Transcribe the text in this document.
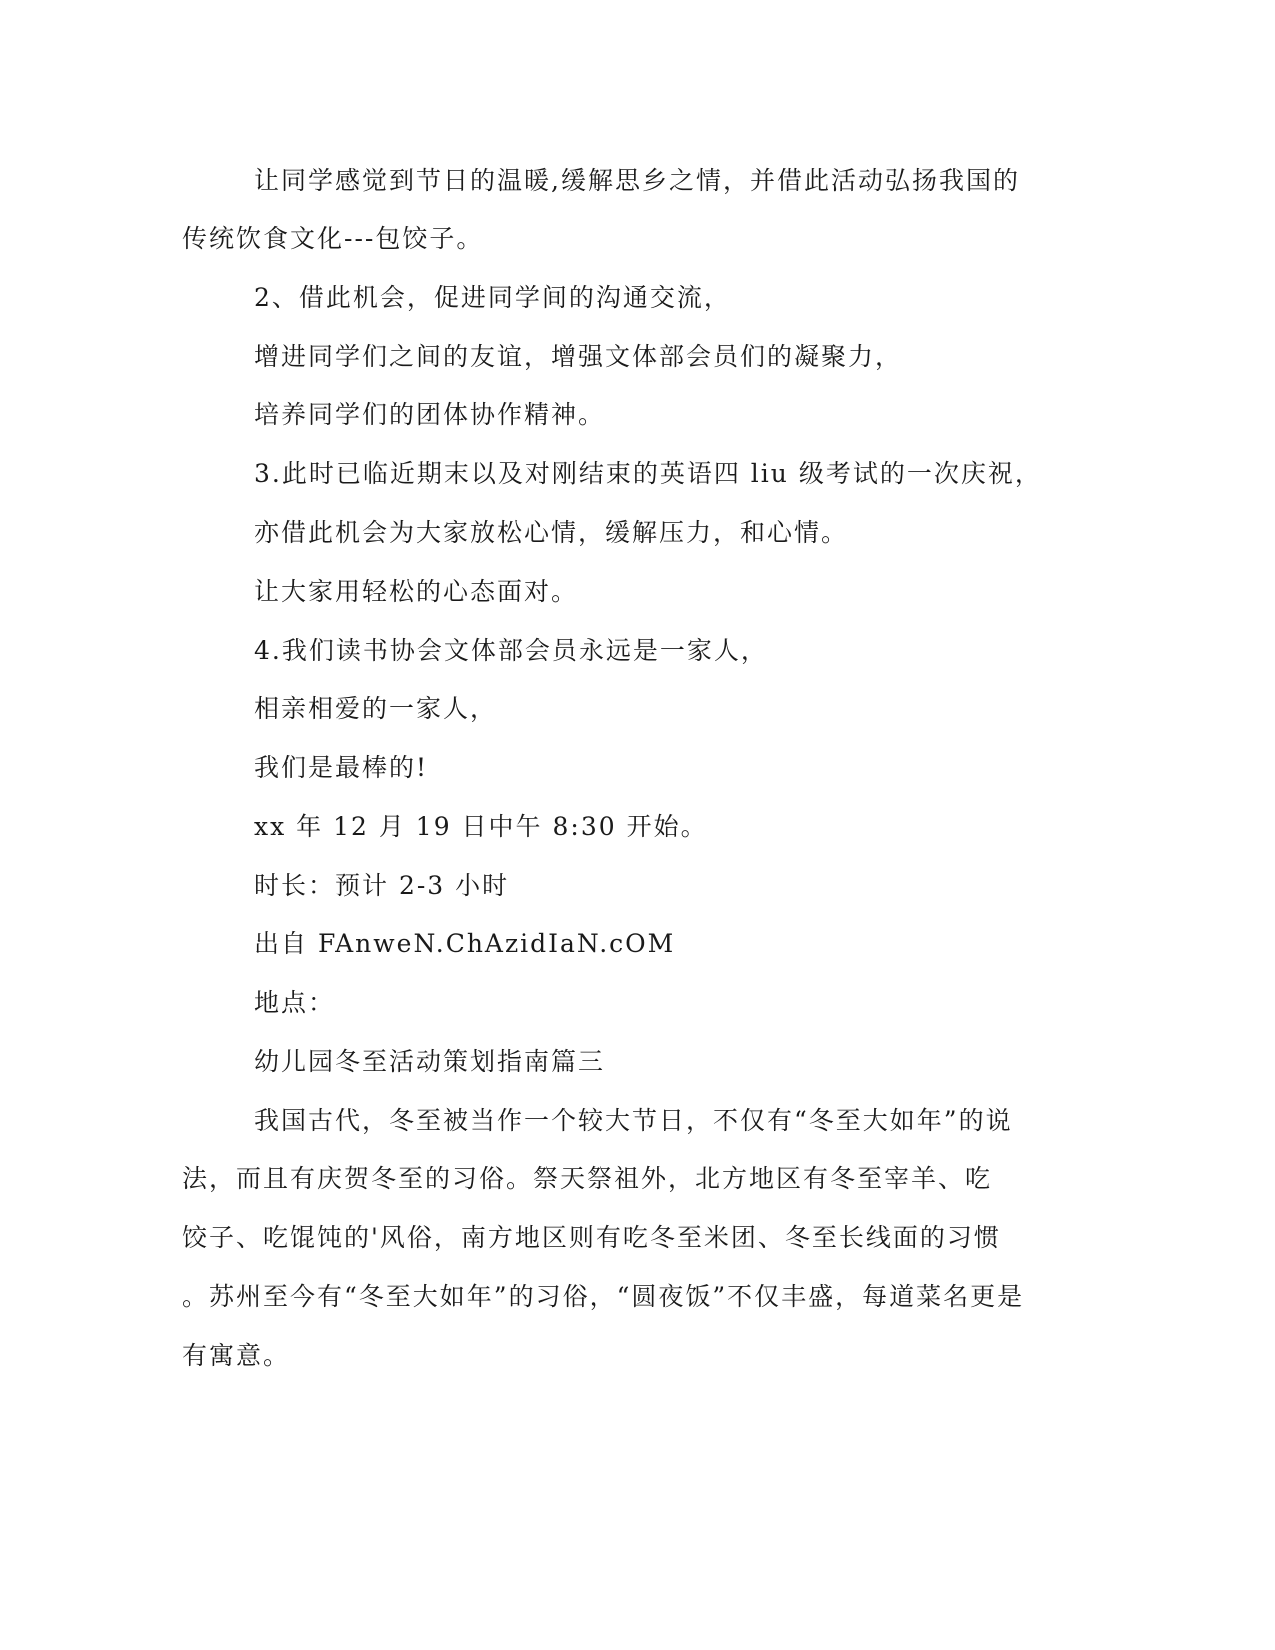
让同学感觉到节日的温暖,缓解思乡之情，并借此活动弘扬我国的
传统饮食文化---包饺子。
2、借此机会，促进同学间的沟通交流，
增进同学们之间的友谊，增强文体部会员们的凝聚力，
培养同学们的团体协作精神。
3.此时已临近期末以及对刚结束的英语四 liu 级考试的一次庆祝，
亦借此机会为大家放松心情，缓解压力，和心情。
让大家用轻松的心态面对。
4.我们读书协会文体部会员永远是一家人，
相亲相爱的一家人，
我们是最棒的!
xx 年 12 月 19 日中午 8:30 开始。
时长：预计 2-3 小时
出自 FAnweN.ChAzidIaN.cOM
地点：
幼儿园冬至活动策划指南篇三
我国古代，冬至被当作一个较大节日，不仅有“冬至大如年”的说
法，而且有庆贺冬至的习俗。祭天祭祖外，北方地区有冬至宰羊、吃
饺子、吃馄饨的'风俗，南方地区则有吃冬至米团、冬至长线面的习惯
。苏州至今有“冬至大如年”的习俗，“圆夜饭”不仅丰盛，每道菜名更是
有寓意。
